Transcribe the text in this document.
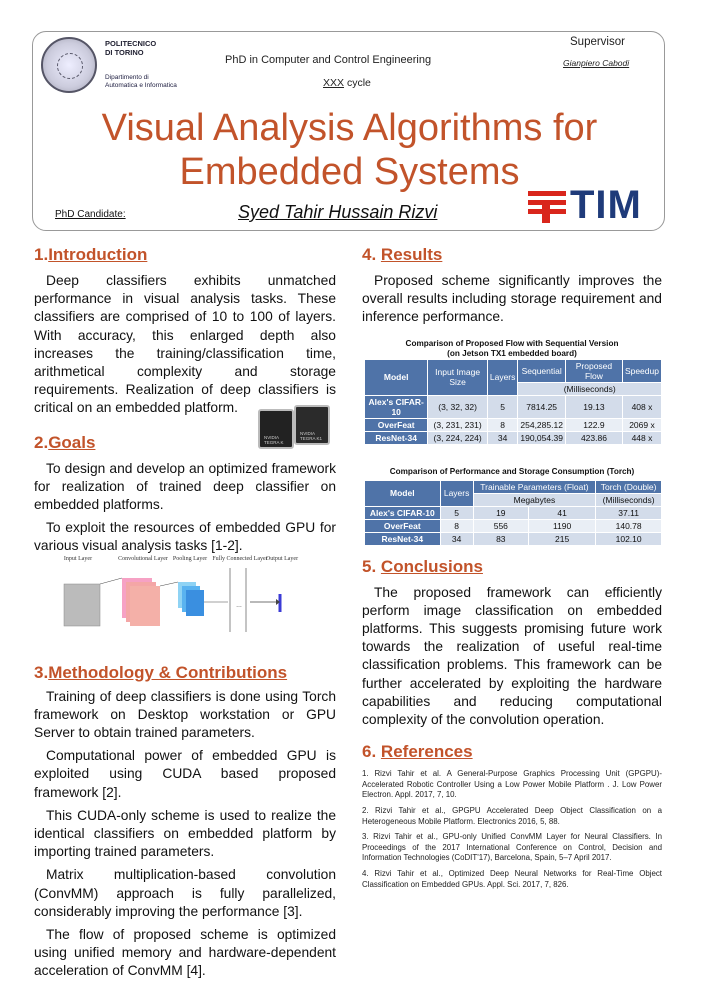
POLITECNICO
DI TORINO
Dipartimento di
Automatica e Informatica
PhD in Computer and Control Engineering
XXX cycle
Supervisor
Gianpiero Cabodi
Visual Analysis Algorithms for
Embedded Systems
PhD Candidate:	Syed Tahir Hussain Rizvi	TIM
1.Introduction

Deep classifiers exhibits unmatched performance in visual analysis tasks. These classifiers are comprised of 10 to 100 of layers. With accuracy, this enlarged depth also increases the training/classification time, arithmetical complexity and storage requirements. Realization of deep classifiers is critical on an embedded platform.

2.Goals

To design and develop an optimized framework for realization of trained deep classifier on embedded platforms.

To exploit the resources of embedded GPU for various visual analysis tasks [1-2].

3.Methodology & Contributions

Training of deep classifiers is done using Torch framework on Desktop workstation or GPU Server to obtain trained parameters.

Computational power of embedded GPU is exploited using CUDA based proposed framework [2].

This CUDA-only scheme is used to realize the identical classifiers on embedded platform by importing trained parameters.

Matrix multiplication-based convolution (ConvMM) approach is fully parallelized, considerably improving the performance [3].

The flow of proposed scheme is optimized using unified memory and hardware-dependent acceleration of ConvMM [4].

NVIDIA TEGRA K
NVIDIA TEGRA K1
Input Layer	Convolutional Layer Pooling Layer Fully Connected Layer
Output Layer
…
4. Results

Proposed scheme significantly improves the overall results including storage requirement and inference performance.

Comparison of Proposed Flow with Sequential Version
(on Jetson TX1 embedded board)
Model	Input Image Size	Layers	Sequential	Proposed Flow	Speedup
			(Milliseconds)		
Alex's CIFAR-10	(3, 32, 32)	5	7814.25	19.13	408 x
OverFeat	(3, 231, 231)	8	254,285.12	122.9	2069 x
ResNet-34	(3, 224, 224)	34	190,054.39	423.86	448 x
Comparison of Performance and Storage Consumption (Torch)
Model	Layers	Trainable Parameters (Float)		Torch (Double)
		Megabytes		(Milliseconds)
Alex's CIFAR-10	5	19	41	37.11
OverFeat	8	556	1190	140.78
ResNet-34	34	83	215	102.10
5. Conclusions

The proposed framework can efficiently perform image classification on embedded platforms. This suggests promising future work towards the realization of useful real-time classification problems. This framework can be further accelerated by exploiting the hardware capabilities and reducing computational complexity of the convolution operation.

6. References

1. Rizvi Tahir et al. A General-Purpose Graphics Processing Unit (GPGPU)-Accelerated Robotic Controller Using a Low Power Mobile Platform . J. Low Power Electron. Appl. 2017, 7, 10.

2. Rizvi Tahir et al., GPGPU Accelerated Deep Object Classification on a Heterogeneous Mobile Platform. Electronics 2016, 5, 88.

3. Rizvi Tahir et al., GPU-only Unified ConvMM Layer for Neural Classifiers. In Proceedings of the 2017 International Conference on Control, Decision and Information Technologies (CoDIT'17), Barcelona, Spain, 5–7 April 2017.

4. Rizvi Tahir et al., Optimized Deep Neural Networks for Real-Time Object Classification on Embedded GPUs. Appl. Sci. 2017, 7, 826.
